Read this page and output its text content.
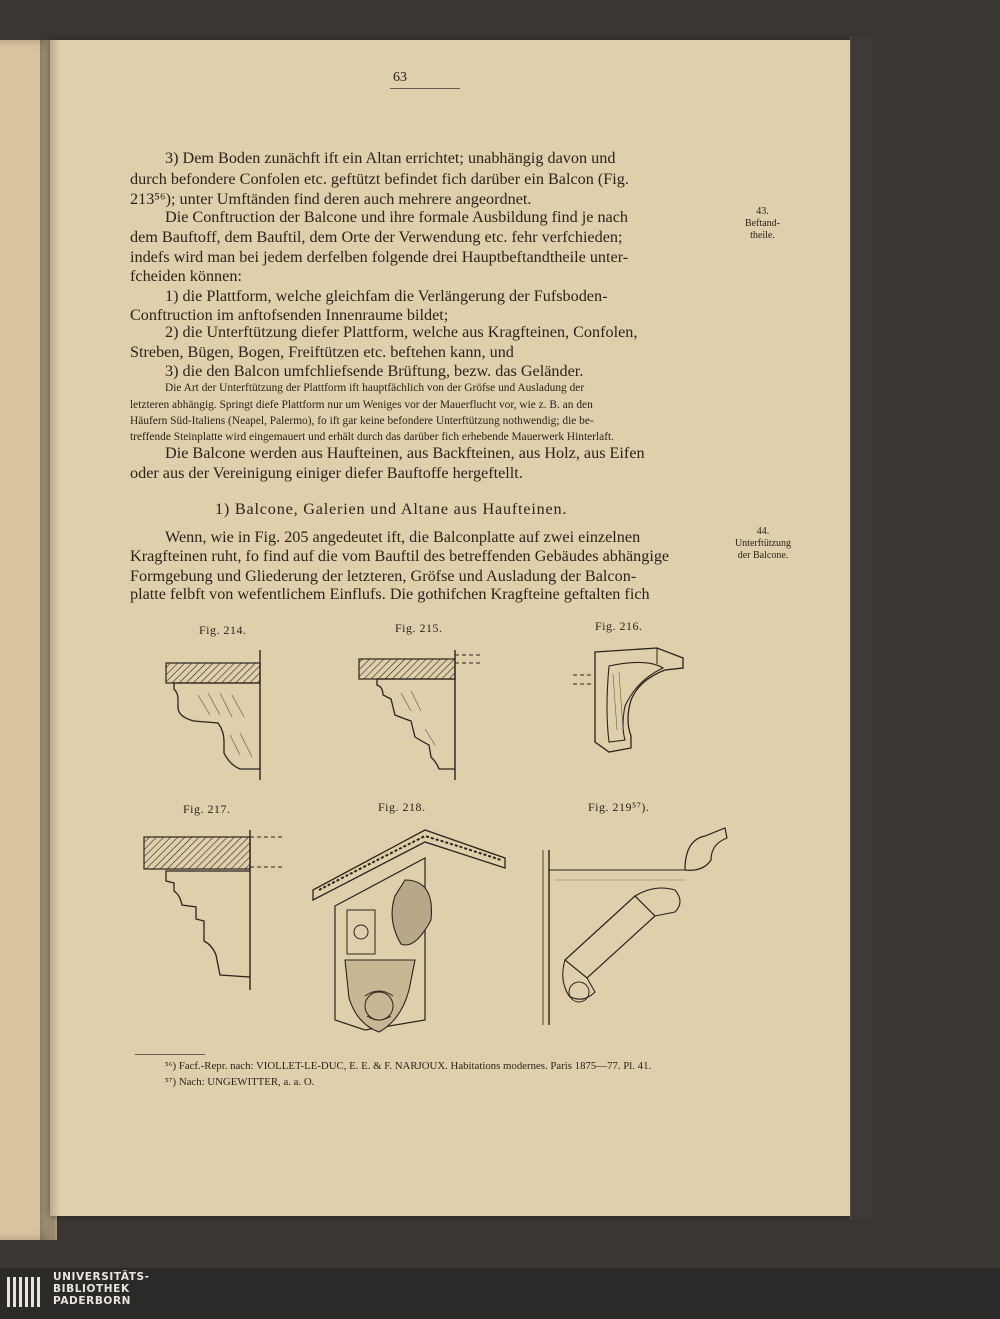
63
3) Dem Boden zunächft ift ein Altan errichtet; unabhängig davon und
durch befondere Confolen etc. geftützt befindet fich darüber ein Balcon (Fig.
213⁵⁶); unter Umftänden find deren auch mehrere angeordnet.
Die Conftruction der Balcone und ihre formale Ausbildung find je nach
dem Bauftoff, dem Bauftil, dem Orte der Verwendung etc. fehr verfchieden;
indefs wird man bei jedem derfelben folgende drei Hauptbeftandtheile unter-
fcheiden können:
1) die Plattform, welche gleichfam die Verlängerung der Fufsboden-
Conftruction im anftofsenden Innenraume bildet;
2) die Unterftützung diefer Plattform, welche aus Kragfteinen, Confolen,
Streben, Bügen, Bogen, Freiftützen etc. beftehen kann, und
3) die den Balcon umfchliefsende Brüftung, bezw. das Geländer.
Die Art der Unterftützung der Plattform ift hauptfächlich von der Gröfse und Ausladung der
letzteren abhängig. Springt diefe Plattform nur um Weniges vor der Mauerflucht vor, wie z. B. an den
Häufern Süd-Italiens (Neapel, Palermo), fo ift gar keine befondere Unterftützung nothwendig; die be-
treffende Steinplatte wird eingemauert und erhält durch das darüber fich erhebende Mauerwerk Hinterlaft.
Die Balcone werden aus Haufteinen, aus Backfteinen, aus Holz, aus Eifen
oder aus der Vereinigung einiger diefer Bauftoffe hergeftellt.
1) Balcone, Galerien und Altane aus Haufteinen.
Wenn, wie in Fig. 205 angedeutet ift, die Balconplatte auf zwei einzelnen
Kragfteinen ruht, fo find auf die vom Bauftil des betreffenden Gebäudes abhängige
Formgebung und Gliederung der letzteren, Gröfse und Ausladung der Balcon-
platte felbft von wefentlichem Einflufs. Die gothifchen Kragfteine geftalten fich
43.
Beftand-theile.
44.
Unterftützung der Balcone.
Fig. 214.	Fig. 215.	Fig. 216.
Fig. 217.	Fig. 218.	Fig. 219⁵⁷).
⁵⁶) Facf.-Repr. nach: VIOLLET-LE-DUC, E. E. & F. NARJOUX. Habitations modernes. Paris 1875—77. Pl. 41.
⁵⁷) Nach: UNGEWITTER, a. a. O.
UNIVERSITÄTS-
BIBLIOTHEK
PADERBORN
